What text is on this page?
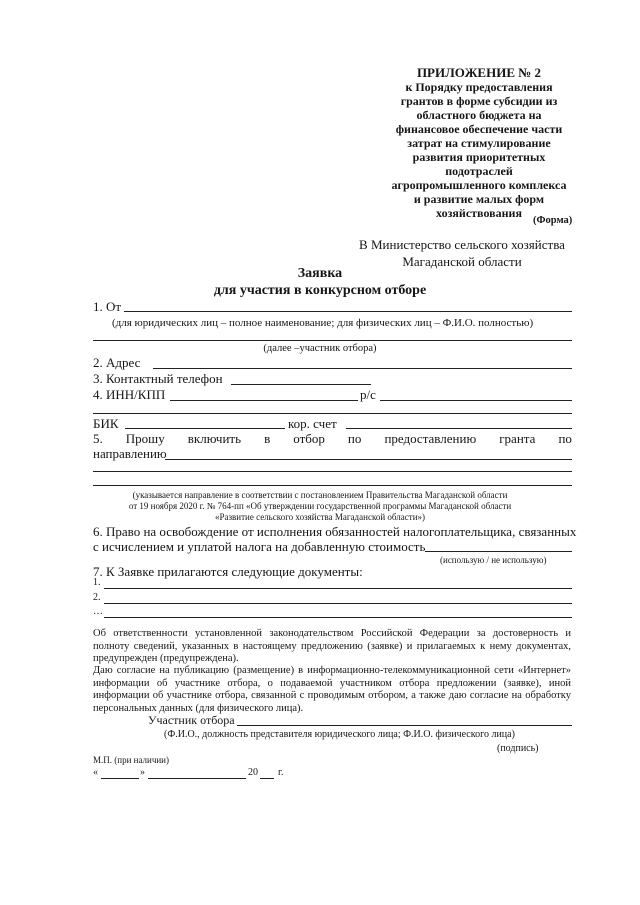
ПРИЛОЖЕНИЕ № 2
к Порядку предоставления
грантов в форме субсидии из
областного бюджета на
финансовое обеспечение части
затрат на стимулирование
развития приоритетных
подотраслей
агропромышленного комплекса
и развитие малых форм
хозяйствования
(Форма)
В Министерство сельского хозяйства
Магаданской области
Заявка
для участия в конкурсном отборе
1. От
(для юридических лиц – полное наименование; для физических лиц – Ф.И.О. полностью)
(далее –участник отбора)
2. Адрес
3. Контактный телефон
4. ИНН/КПП	р/с
БИК	кор. счет
5. Прошу включить в отбор по предоставлению гранта по
направлению
(указывается направление в соответствии с постановлением Правительства Магаданской области
от 19 ноября 2020 г. № 764-пп «Об утверждении государственной программы Магаданской области
«Развитие сельского хозяйства Магаданской области»)
6. Право на освобождение от исполнения обязанностей налогоплательщика, связанных
с исчислением и уплатой налога на добавленную стоимость
(использую / не использую)
7. К Заявке прилагаются следующие документы:
1.
2.
…
Об ответственности установленной законодательством Российской Федерации за достоверность и полноту сведений, указанных в настоящему предложению (заявке) и прилагаемых к нему документах, предупрежден (предупреждена).
Даю согласие на публикацию (размещение) в информационно-телекоммуникационной сети «Интернет» информации об участнике отбора, о подаваемой участником отбора предложении (заявке), иной информации об участнике отбора, связанной с проводимым отбором, а также даю согласие на обработку персональных данных (для физического лица).
Участник отбора
(Ф.И.О., должность представителя юридического лица; Ф.И.О. физического лица)
(подпись)
М.П. (при наличии)
«	»	20 г.
